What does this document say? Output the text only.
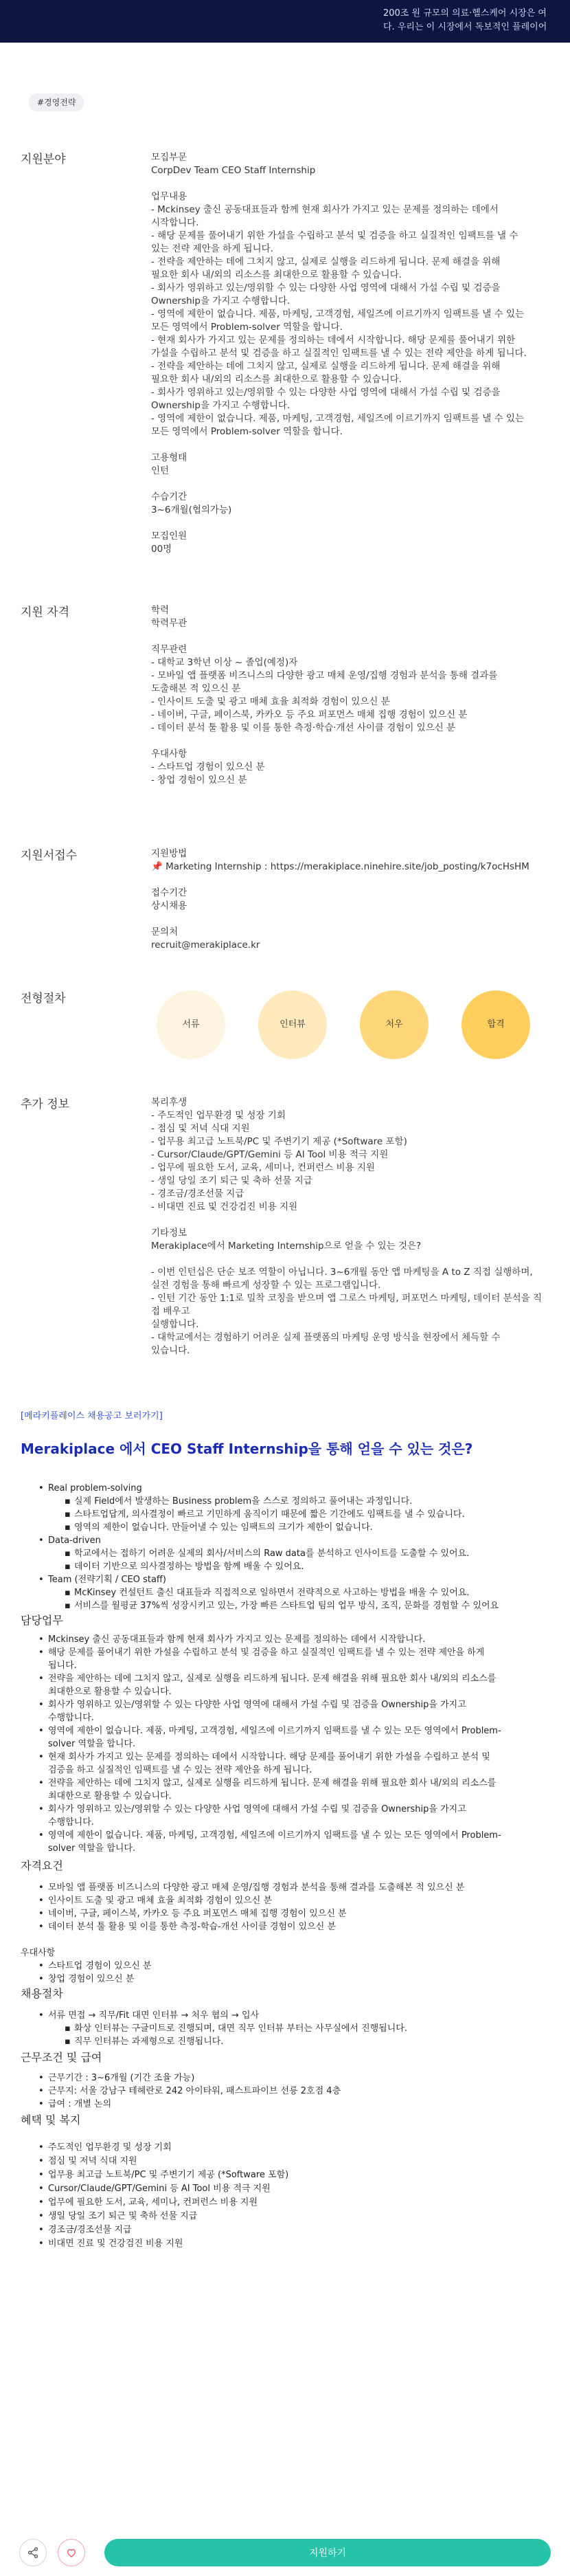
200조 원 규모의 의료·헬스케어 시장은 여
다. 우리는 이 시장에서 독보적인 플레이어
#경영전략
지원분야	모집부문
CorpDev Team CEO Staff Internship
업무내용
- Mckinsey 출신 공동대표들과 함께 현재 회사가 가지고 있는 문제를 정의하는 데에서
시작합니다.
- 해당 문제를 풀어내기 위한 가설을 수립하고 분석 및 검증을 하고 실질적인 임팩트를 낼 수
있는 전략 제안을 하게 됩니다.
- 전략을 제안하는 데에 그치지 않고, 실제로 실행을 리드하게 됩니다. 문제 해결을 위해
필요한 회사 내/외의 리소스를 최대한으로 활용할 수 있습니다.
- 회사가 영위하고 있는/영위할 수 있는 다양한 사업 영역에 대해서 가설 수립 및 검증을
Ownership을 가지고 수행합니다.
- 영역에 제한이 없습니다. 제품, 마케팅, 고객경험, 세일즈에 이르기까지 임팩트를 낼 수 있는
모든 영역에서 Problem-solver 역할을 합니다.
- 현재 회사가 가지고 있는 문제를 정의하는 데에서 시작합니다. 해당 문제를 풀어내기 위한
가설을 수립하고 분석 및 검증을 하고 실질적인 임팩트를 낼 수 있는 전략 제안을 하게 됩니다.
- 전략을 제안하는 데에 그치지 않고, 실제로 실행을 리드하게 됩니다. 문제 해결을 위해
필요한 회사 내/외의 리소스를 최대한으로 활용할 수 있습니다.
- 회사가 영위하고 있는/영위할 수 있는 다양한 사업 영역에 대해서 가설 수립 및 검증을
Ownership을 가지고 수행합니다.
- 영역에 제한이 없습니다. 제품, 마케팅, 고객경험, 세일즈에 이르기까지 임팩트를 낼 수 있는
모든 영역에서 Problem-solver 역할을 합니다.
고용형태
인턴
수습기간
3~6개월(협의가능)
모집인원
00명
지원 자격	학력
학력무관
직무관련
- 대학교 3학년 이상 ~ 졸업(예정)자
- 모바일 앱 플랫폼 비즈니스의 다양한 광고 매체 운영/집행 경험과 분석을 통해 결과를
도출해본 적 있으신 분
- 인사이트 도출 및 광고 매체 효율 최적화 경험이 있으신 분
- 네이버, 구글, 페이스북, 카카오 등 주요 퍼포먼스 매체 집행 경험이 있으신 분
- 데이터 분석 툴 활용 및 이를 통한 측정·학습·개선 사이클 경험이 있으신 분
우대사항
- 스타트업 경험이 있으신 분
- 창업 경험이 있으신 분
지원서접수	지원방법
📌 Marketing Internship : https://merakiplace.ninehire.site/job_posting/k7ocHsHM
접수기간
상시채용
문의처
recruit@merakiplace.kr
전형절차
서류	인터뷰	처우	합격
추가 정보	복리후생
- 주도적인 업무환경 및 성장 기회
- 점심 및 저녁 식대 지원
- 업무용 최고급 노트북/PC 및 주변기기 제공 (*Software 포함)
- Cursor/Claude/GPT/Gemini 등 AI Tool 비용 적극 지원
- 업무에 필요한 도서, 교육, 세미나, 컨퍼런스 비용 지원
- 생일 당일 조기 퇴근 및 축하 선물 지급
- 경조금/경조선물 지급
- 비대면 진료 및 건강검진 비용 지원
기타정보
Merakiplace에서 Marketing Internship으로 얻을 수 있는 것은?
- 이번 인턴십은 단순 보조 역할이 아닙니다. 3~6개월 동안 앱 마케팅을 A to Z 직접 실행하며,
실전 경험을 통해 빠르게 성장할 수 있는 프로그램입니다.
- 인턴 기간 동안 1:1로 밀착 코칭을 받으며 앱 그로스 마케팅, 퍼포먼스 마케팅, 데이터 분석을 직접 배우고
실행합니다.
- 대학교에서는 경험하기 어려운 실제 플랫폼의 마케팅 운영 방식을 현장에서 체득할 수
있습니다.
[메라키플레이스 채용공고 보러가기]
Merakiplace 에서 CEO Staff Internship을 통해 얻을 수 있는 것은?
• Real problem-solving
▪ 실제 Field에서 발생하는 Business problem을 스스로 정의하고 풀어내는 과정입니다.
▪ 스타트업답게, 의사결정이 빠르고 기민하게 움직이기 때문에 짧은 기간에도 임팩트를 낼 수 있습니다.
▪ 영역의 제한이 없습니다. 만들어낼 수 있는 임팩트의 크기가 제한이 없습니다.
• Data-driven
▪ 학교에서는 접하기 어려운 실제의 회사/서비스의 Raw data를 분석하고 인사이트를 도출할 수 있어요.
▪ 데이터 기반으로 의사결정하는 방법을 함께 배울 수 있어요.
• Team (전략기획 / CEO staff)
▪ McKinsey 컨설턴트 출신 대표들과 직접적으로 일하면서 전략적으로 사고하는 방법을 배울 수 있어요.
▪ 서비스를 월평균 37%씩 성장시키고 있는, 가장 빠른 스타트업 팀의 업무 방식, 조직, 문화를 경험할 수 있어요
담당업무
• Mckinsey 출신 공동대표들과 함께 현재 회사가 가지고 있는 문제를 정의하는 데에서 시작합니다.
• 해당 문제를 풀어내기 위한 가설을 수립하고 분석 및 검증을 하고 실질적인 임팩트를 낼 수 있는 전략 제안을 하게
됩니다.
• 전략을 제안하는 데에 그치지 않고, 실제로 실행을 리드하게 됩니다. 문제 해결을 위해 필요한 회사 내/외의 리소스를
최대한으로 활용할 수 있습니다.
• 회사가 영위하고 있는/영위할 수 있는 다양한 사업 영역에 대해서 가설 수립 및 검증을 Ownership을 가지고
수행합니다.
• 영역에 제한이 없습니다. 제품, 마케팅, 고객경험, 세일즈에 이르기까지 임팩트를 낼 수 있는 모든 영역에서 Problem-
solver 역할을 합니다.
• 현재 회사가 가지고 있는 문제를 정의하는 데에서 시작합니다. 해당 문제를 풀어내기 위한 가설을 수립하고 분석 및
검증을 하고 실질적인 임팩트를 낼 수 있는 전략 제안을 하게 됩니다.
• 전략을 제안하는 데에 그치지 않고, 실제로 실행을 리드하게 됩니다. 문제 해결을 위해 필요한 회사 내/외의 리소스를
최대한으로 활용할 수 있습니다.
• 회사가 영위하고 있는/영위할 수 있는 다양한 사업 영역에 대해서 가설 수립 및 검증을 Ownership을 가지고
수행합니다.
• 영역에 제한이 없습니다. 제품, 마케팅, 고객경험, 세일즈에 이르기까지 임팩트를 낼 수 있는 모든 영역에서 Problem-
solver 역할을 합니다.
자격요건
• 모바일 앱 플랫폼 비즈니스의 다양한 광고 매체 운영/집행 경험과 분석을 통해 결과를 도출해본 적 있으신 분
• 인사이트 도출 및 광고 매체 효율 최적화 경험이 있으신 분
• 네이버, 구글, 페이스북, 카카오 등 주요 퍼포먼스 매체 집행 경험이 있으신 분
• 데이터 분석 툴 활용 및 이를 통한 측정-학습-개선 사이클 경험이 있으신 분
우대사항
• 스타트업 경험이 있으신 분
• 창업 경험이 있으신 분
채용절차
• 서류 면접 → 직무/Fit 대면 인터뷰 → 처우 협의 → 입사
▪ 화상 인터뷰는 구글미트로 진행되며, 대면 직무 인터뷰 부터는 사무실에서 진행됩니다.
▪ 직무 인터뷰는 과제형으로 진행됩니다.
근무조건 및 급여
• 근무기간 : 3~6개월 (기간 조율 가능)
• 근무지: 서울 강남구 테헤란로 242 아이타워, 패스트파이브 선릉 2호점 4층
• 급여 : 개별 논의
혜택 및 복지
• 주도적인 업무환경 및 성장 기회
• 점심 및 저녁 식대 지원
• 업무용 최고급 노트북/PC 및 주변기기 제공 (*Software 포함)
• Cursor/Claude/GPT/Gemini 등 AI Tool 비용 적극 지원
• 업무에 필요한 도서, 교육, 세미나, 컨퍼런스 비용 지원
• 생일 당일 조기 퇴근 및 축하 선물 지급
• 경조금/경조선물 지급
• 비대면 진료 및 건강검진 비용 지원
지원하기
